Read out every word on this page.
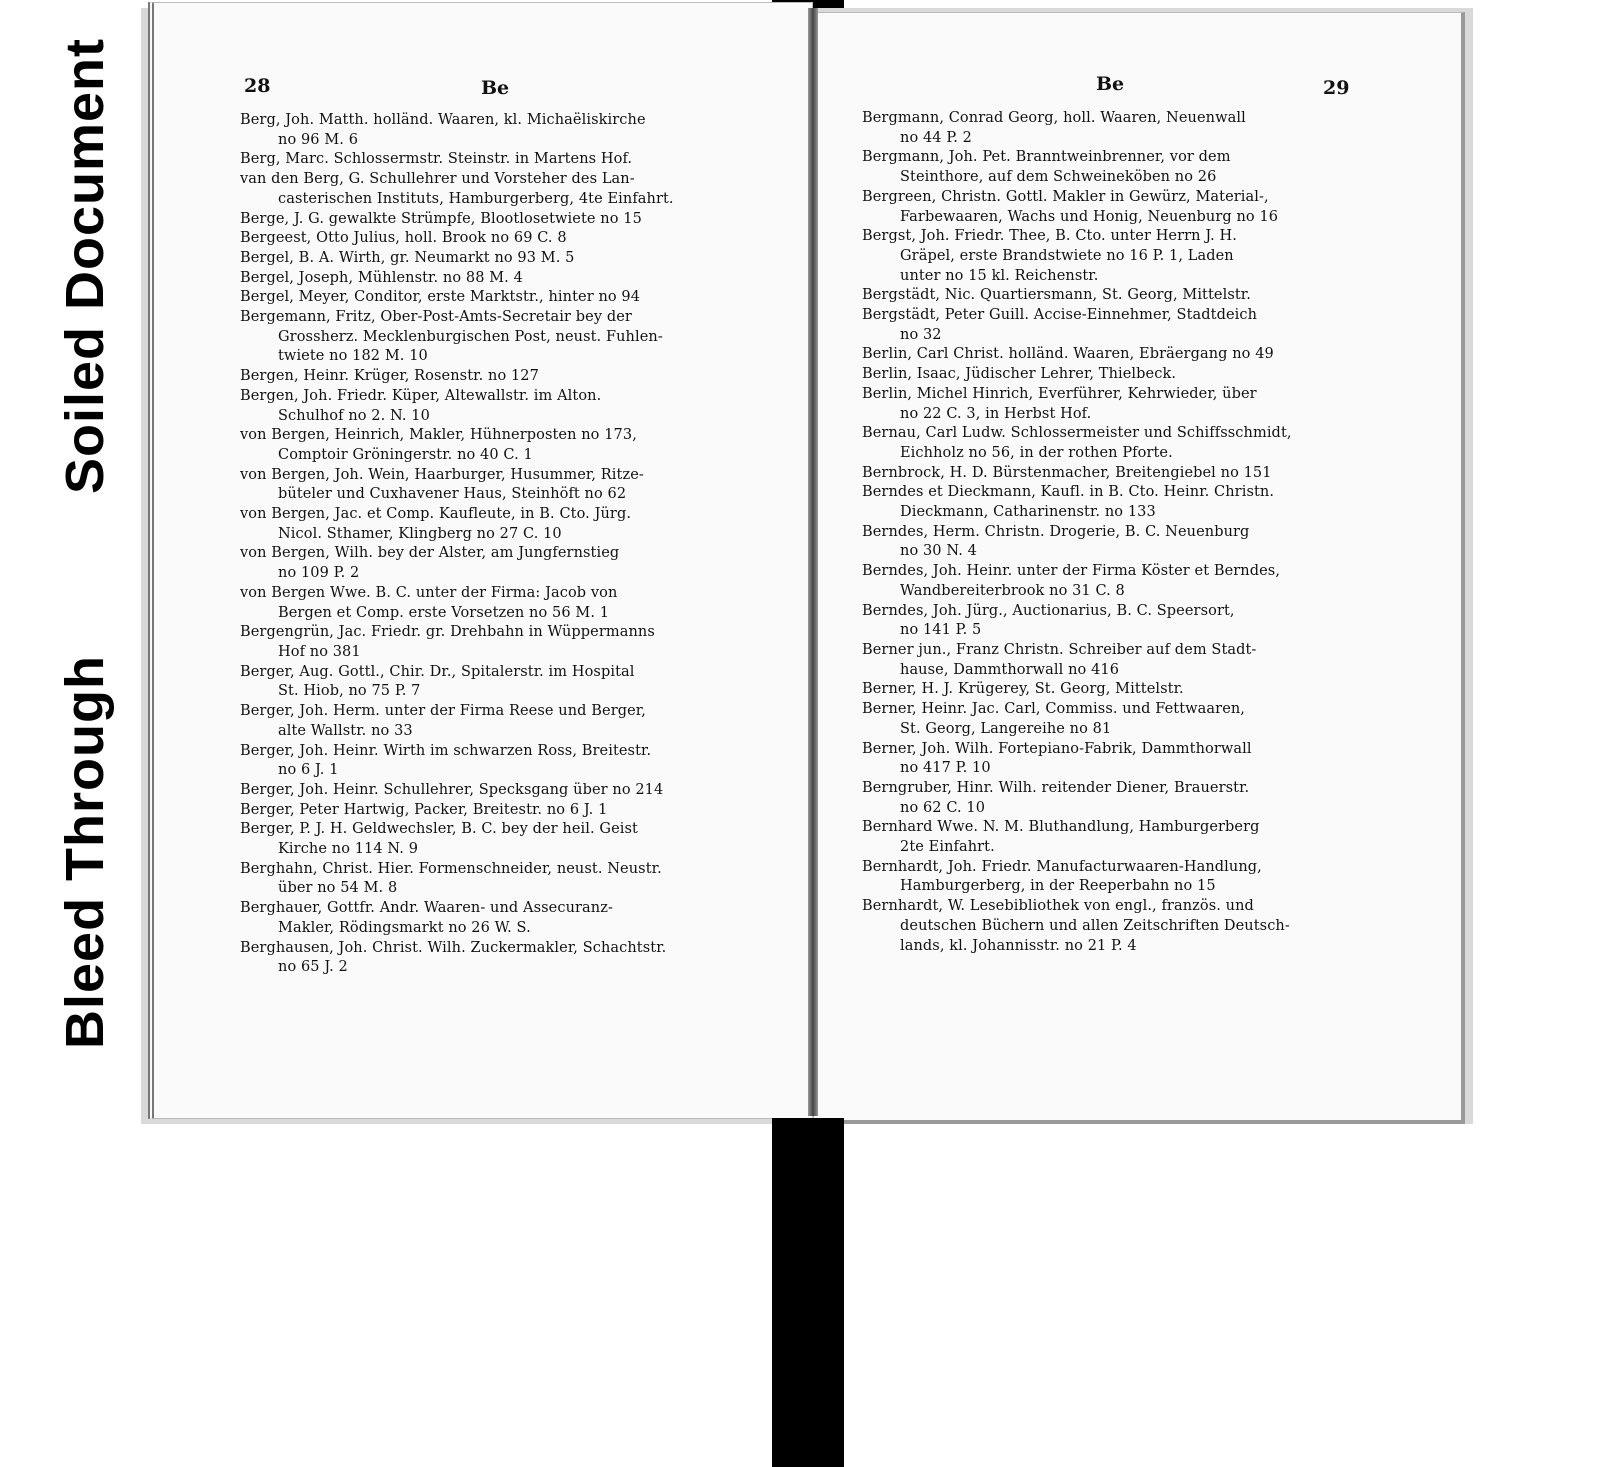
Bleed Through
Soiled Document	28	Be
Berg, Joh. Matth. holländ. Waaren, kl. Michaëliskirche
no 96 M. 6
Berg, Marc. Schlossermstr. Steinstr. in Martens Hof.
van den Berg, G. Schullehrer und Vorsteher des Lan-
casterischen Instituts, Hamburgerberg, 4te Einfahrt.
Berge, J. G. gewalkte Strümpfe, Blootlosetwiete no 15
Bergeest, Otto Julius, holl. Brook no 69 C. 8
Bergel, B. A. Wirth, gr. Neumarkt no 93 M. 5
Bergel, Joseph, Mühlenstr. no 88 M. 4
Bergel, Meyer, Conditor, erste Marktstr., hinter no 94
Bergemann, Fritz, Ober-Post-Amts-Secretair bey der
Grossherz. Mecklenburgischen Post, neust. Fuhlen-
twiete no 182 M. 10
Bergen, Heinr. Krüger, Rosenstr. no 127
Bergen, Joh. Friedr. Küper, Altewallstr. im Alton.
Schulhof no 2. N. 10
von Bergen, Heinrich, Makler, Hühnerposten no 173,
Comptoir Gröningerstr. no 40 C. 1
von Bergen, Joh. Wein, Haarburger, Husummer, Ritze-
büteler und Cuxhavener Haus, Steinhöft no 62
von Bergen, Jac. et Comp. Kaufleute, in B. Cto. Jürg.
Nicol. Sthamer, Klingberg no 27 C. 10
von Bergen, Wilh. bey der Alster, am Jungfernstieg
no 109 P. 2
von Bergen Wwe. B. C. unter der Firma: Jacob von
Bergen et Comp. erste Vorsetzen no 56 M. 1
Bergengrün, Jac. Friedr. gr. Drehbahn in Wüppermanns
Hof no 381
Berger, Aug. Gottl., Chir. Dr., Spitalerstr. im Hospital
St. Hiob, no 75 P. 7
Berger, Joh. Herm. unter der Firma Reese und Berger,
alte Wallstr. no 33
Berger, Joh. Heinr. Wirth im schwarzen Ross, Breitestr.
no 6 J. 1
Berger, Joh. Heinr. Schullehrer, Specksgang über no 214
Berger, Peter Hartwig, Packer, Breitestr. no 6 J. 1
Berger, P. J. H. Geldwechsler, B. C. bey der heil. Geist
Kirche no 114 N. 9
Berghahn, Christ. Hier. Formenschneider, neust. Neustr.
über no 54 M. 8
Berghauer, Gottfr. Andr. Waaren- und Assecuranz-
Makler, Rödingsmarkt no 26 W. S.
Berghausen, Joh. Christ. Wilh. Zuckermakler, Schachtstr.
no 65 J. 2
Be	29
Bergmann, Conrad Georg, holl. Waaren, Neuenwall
no 44 P. 2
Bergmann, Joh. Pet. Branntweinbrenner, vor dem
Steinthore, auf dem Schweineköben no 26
Bergreen, Christn. Gottl. Makler in Gewürz, Material-,
Farbewaaren, Wachs und Honig, Neuenburg no 16
Bergst, Joh. Friedr. Thee, B. Cto. unter Herrn J. H.
Gräpel, erste Brandstwiete no 16 P. 1, Laden
unter no 15 kl. Reichenstr.
Bergstädt, Nic. Quartiersmann, St. Georg, Mittelstr.
Bergstädt, Peter Guill. Accise-Einnehmer, Stadtdeich
no 32
Berlin, Carl Christ. holländ. Waaren, Ebräergang no 49
Berlin, Isaac, Jüdischer Lehrer, Thielbeck.
Berlin, Michel Hinrich, Everführer, Kehrwieder, über
no 22 C. 3, in Herbst Hof.
Bernau, Carl Ludw. Schlossermeister und Schiffsschmidt,
Eichholz no 56, in der rothen Pforte.
Bernbrock, H. D. Bürstenmacher, Breitengiebel no 151
Berndes et Dieckmann, Kaufl. in B. Cto. Heinr. Christn.
Dieckmann, Catharinenstr. no 133
Berndes, Herm. Christn. Drogerie, B. C. Neuenburg
no 30 N. 4
Berndes, Joh. Heinr. unter der Firma Köster et Berndes,
Wandbereiterbrook no 31 C. 8
Berndes, Joh. Jürg., Auctionarius, B. C. Speersort,
no 141 P. 5
Berner jun., Franz Christn. Schreiber auf dem Stadt-
hause, Dammthorwall no 416
Berner, H. J. Krügerey, St. Georg, Mittelstr.
Berner, Heinr. Jac. Carl, Commiss. und Fettwaaren,
St. Georg, Langereihe no 81
Berner, Joh. Wilh. Fortepiano-Fabrik, Dammthorwall
no 417 P. 10
Berngruber, Hinr. Wilh. reitender Diener, Brauerstr.
no 62 C. 10
Bernhard Wwe. N. M. Bluthandlung, Hamburgerberg
2te Einfahrt.
Bernhardt, Joh. Friedr. Manufacturwaaren-Handlung,
Hamburgerberg, in der Reeperbahn no 15
Bernhardt, W. Lesebibliothek von engl., französ. und
deutschen Büchern und allen Zeitschriften Deutsch-
lands, kl. Johannisstr. no 21 P. 4
